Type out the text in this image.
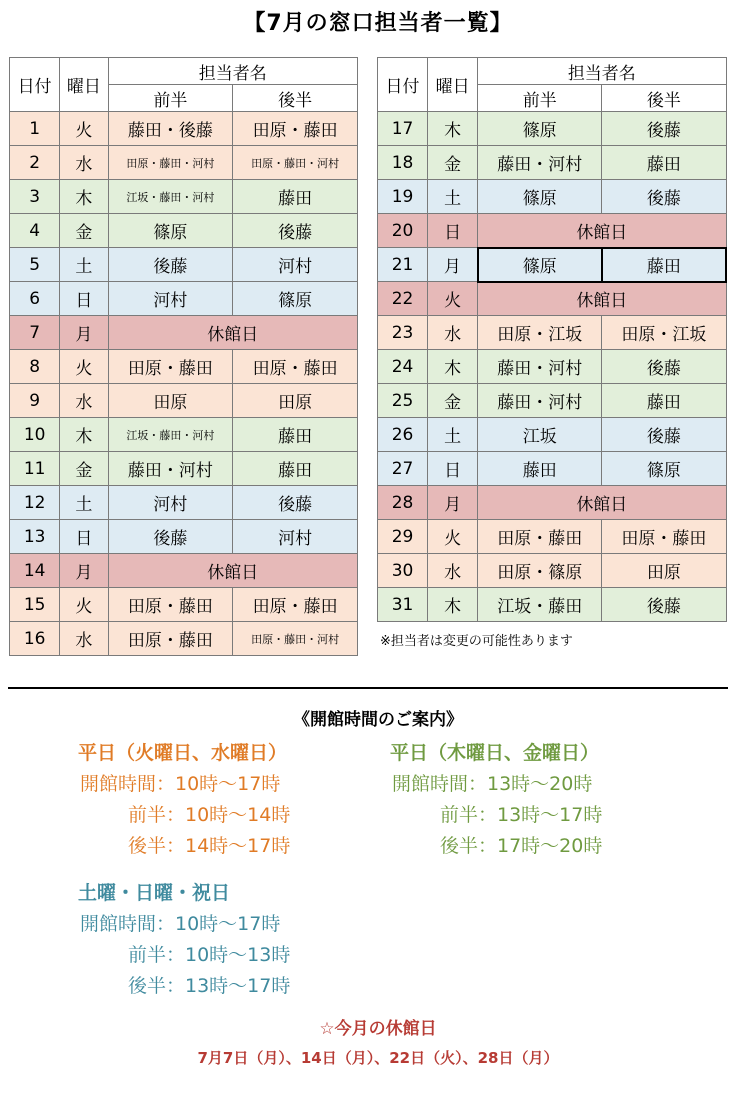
【7月の窓口担当者一覧】
日付	曜日	担当者名	
		前半	後半
1	火	藤田・後藤	田原・藤田
2	水	田原・藤田・河村	田原・藤田・河村
3	木	江坂・藤田・河村	藤田
4	金	篠原	後藤
5	土	後藤	河村
6	日	河村	篠原
7	月	休館日	
8	火	田原・藤田	田原・藤田
9	水	田原	田原
10	木	江坂・藤田・河村	藤田
11	金	藤田・河村	藤田
12	土	河村	後藤
13	日	後藤	河村
14	月	休館日	
15	火	田原・藤田	田原・藤田
16	水	田原・藤田	田原・藤田・河村
日付	曜日	担当者名	
		前半	後半
17	木	篠原	後藤
18	金	藤田・河村	藤田
19	土	篠原	後藤
20	日	休館日	
21	月	篠原	藤田
22	火	休館日	
23	水	田原・江坂	田原・江坂
24	木	藤田・河村	後藤
25	金	藤田・河村	藤田
26	土	江坂	後藤
27	日	藤田	篠原
28	月	休館日	
29	火	田原・藤田	田原・藤田
30	水	田原・篠原	田原
31	木	江坂・藤田	後藤
※担当者は変更の可能性あります
《開館時間のご案内》
平日（火曜日、水曜日）
開館時間：10時～17時
前半：10時～14時
後半：14時～17時
平日（木曜日、金曜日）
開館時間：13時～20時
前半：13時～17時
後半：17時～20時
土曜・日曜・祝日
開館時間：10時～17時
前半：10時～13時
後半：13時～17時
☆今月の休館日
7月7日（月）、14日（月）、22日（火）、28日（月）
